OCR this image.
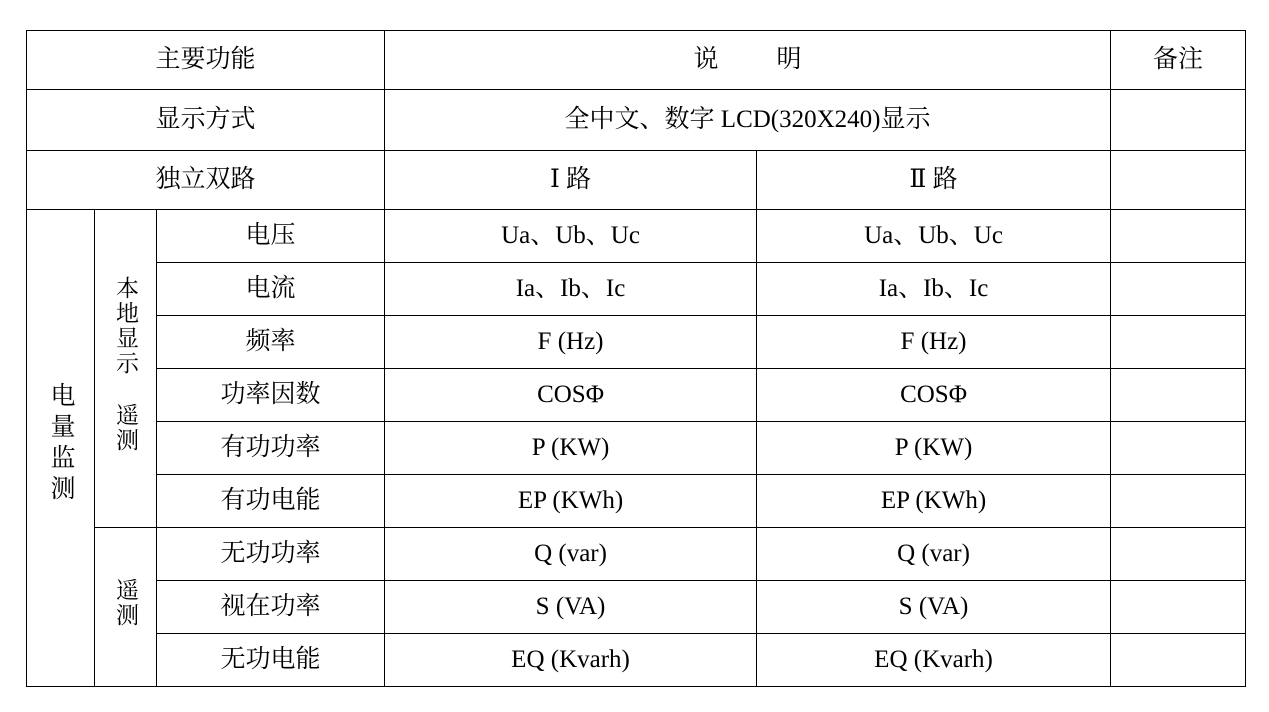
主要功能			说 明		备注
显示方式			全中文、数字 LCD(320X240)显示		
独立双路			Ⅰ 路	Ⅱ 路	
电量监测	本地显示 遥测	电压	Ua、Ub、Uc	Ua、Ub、Uc	
		电流	Ia、Ib、Ic	Ia、Ib、Ic	
		频率	F (Hz)	F (Hz)	
		功率因数	COSΦ	COSΦ	
		有功功率	P (KW)	P (KW)	
		有功电能	EP (KWh)	EP (KWh)	
	遥测	无功功率	Q (var)	Q (var)	
		视在功率	S (VA)	S (VA)	
		无功电能	EQ (Kvarh)	EQ (Kvarh)	
